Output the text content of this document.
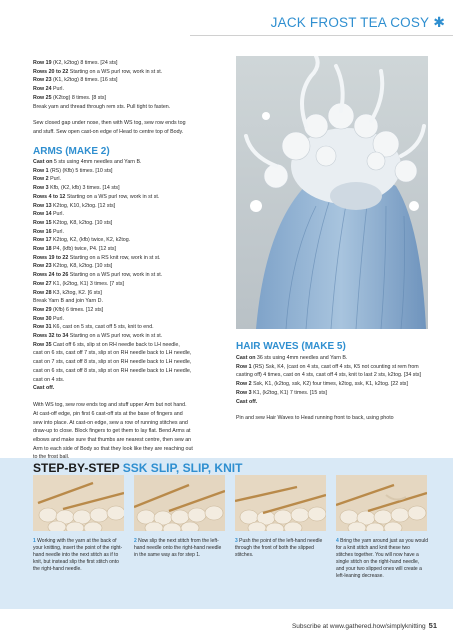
JACK FROST TEA COSY ✱
Row 19 (K2, k2tog) 8 times. [24 sts]
Rows 20 to 22 Starting on a WS purl row, work in st st.
Row 23 (K1, k2tog) 8 times. [16 sts]
Row 24 Purl.
Row 25 (K2tog) 8 times. [8 sts]
Break yarn and thread through rem sts. Pull tight to fasten.
Sew closed gap under nose, then with WS tog, sew row ends tog
and stuff. Sew open cast-on edge of Head to centre top of Body.
ARMS (MAKE 2)
Cast on 5 sts using 4mm needles and Yarn B.
Row 1 (RS) (Kfb) 5 times. [10 sts]
Row 2 Purl.
Row 3 Kfb, (K2, kfb) 3 times. [14 sts]
Rows 4 to 12 Starting on a WS purl row, work in st st.
Row 13 K2tog, K10, k2tog. [12 sts]
Row 14 Purl.
Row 15 K2tog, K8, k2tog. [10 sts]
Row 16 Purl.
Row 17 K2tog, K2, (kfb) twice, K2, k2tog.
Row 18 P4, (kfb) twice, P4. [12 sts]
Rows 19 to 22 Starting on a RS knit row, work in st st.
Row 23 K2tog, K8, k2tog. [10 sts]
Rows 24 to 26 Starting on a WS purl row, work in st st.
Row 27 K1, (k2tog, K1) 3 times. [7 sts]
Row 28 K3, k2tog, K2. [6 sts]
Break Yarn B and join Yarn D.
Row 29 (Kfb) 6 times. [12 sts]
Row 30 Purl.
Row 31 K6, cast on 5 sts, cast off 5 sts, knit to end.
Rows 32 to 34 Starting on a WS purl row, work in st st.
Row 35 Cast off 6 sts, slip st on RH needle back to LH needle,
cast on 6 sts, cast off 7 sts, slip st on RH needle back to LH needle,
cast on 7 sts, cast off 8 sts, slip st on RH needle back to LH needle,
cast on 6 sts, cast off 8 sts, slip st on RH needle back to LH needle,
cast on 4 sts.
Cast off.
With WS tog, sew row ends tog and stuff upper Arm but not hand.
At cast-off edge, pin first 6 cast-off sts at the base of fingers and
sew into place. At cast-on edge, sew a row of running stitches and
draw-up to close. Block fingers to get them to lay flat. Bend Arms at
elbows and make sure that thumbs are nearest centre, then sew an
Arm to each side of Body so that they look like they are reaching out
HAIR WAVES (MAKE 5)
Cast on 36 sts using 4mm needles and Yarn B.
Row 1 (RS) Ssk, K4, (cast on 4 sts, cast off 4 sts, K5 not counting st rem from casting off) 4 times, cast on 4 sts, cast off 4 sts, knit to last 2 sts, k2tog. [34 sts]
Row 2 Ssk, K1, (k2tog, ssk, K2) four times, k2tog, ssk, K1, k2tog. [22 sts]
Row 3 K1, (k2tog, K1) 7 times. [15 sts]
Cast off.
Pin and sew Hair Waves to Head running front to back, using photo
STEP-BY-STEP SSK SLIP, SLIP, KNIT
1 Working with the yarn at the back of your knitting, insert the point of the right-hand needle into the next stitch as if to knit, but instead slip the first stitch onto the right-hand needle.
2 Now slip the next stitch from the left-hand needle onto the right-hand needle in the same way as for step 1.
3 Push the point of the left-hand needle through the front of both the slipped stitches.
4 Bring the yarn around just as you would for a knit stitch and knit these two stitches together. You will now have a single stitch on the right-hand needle, and your two slipped ones will create a left-leaning decrease.
Subscribe at www.gathered.how/simplyknitting 51
